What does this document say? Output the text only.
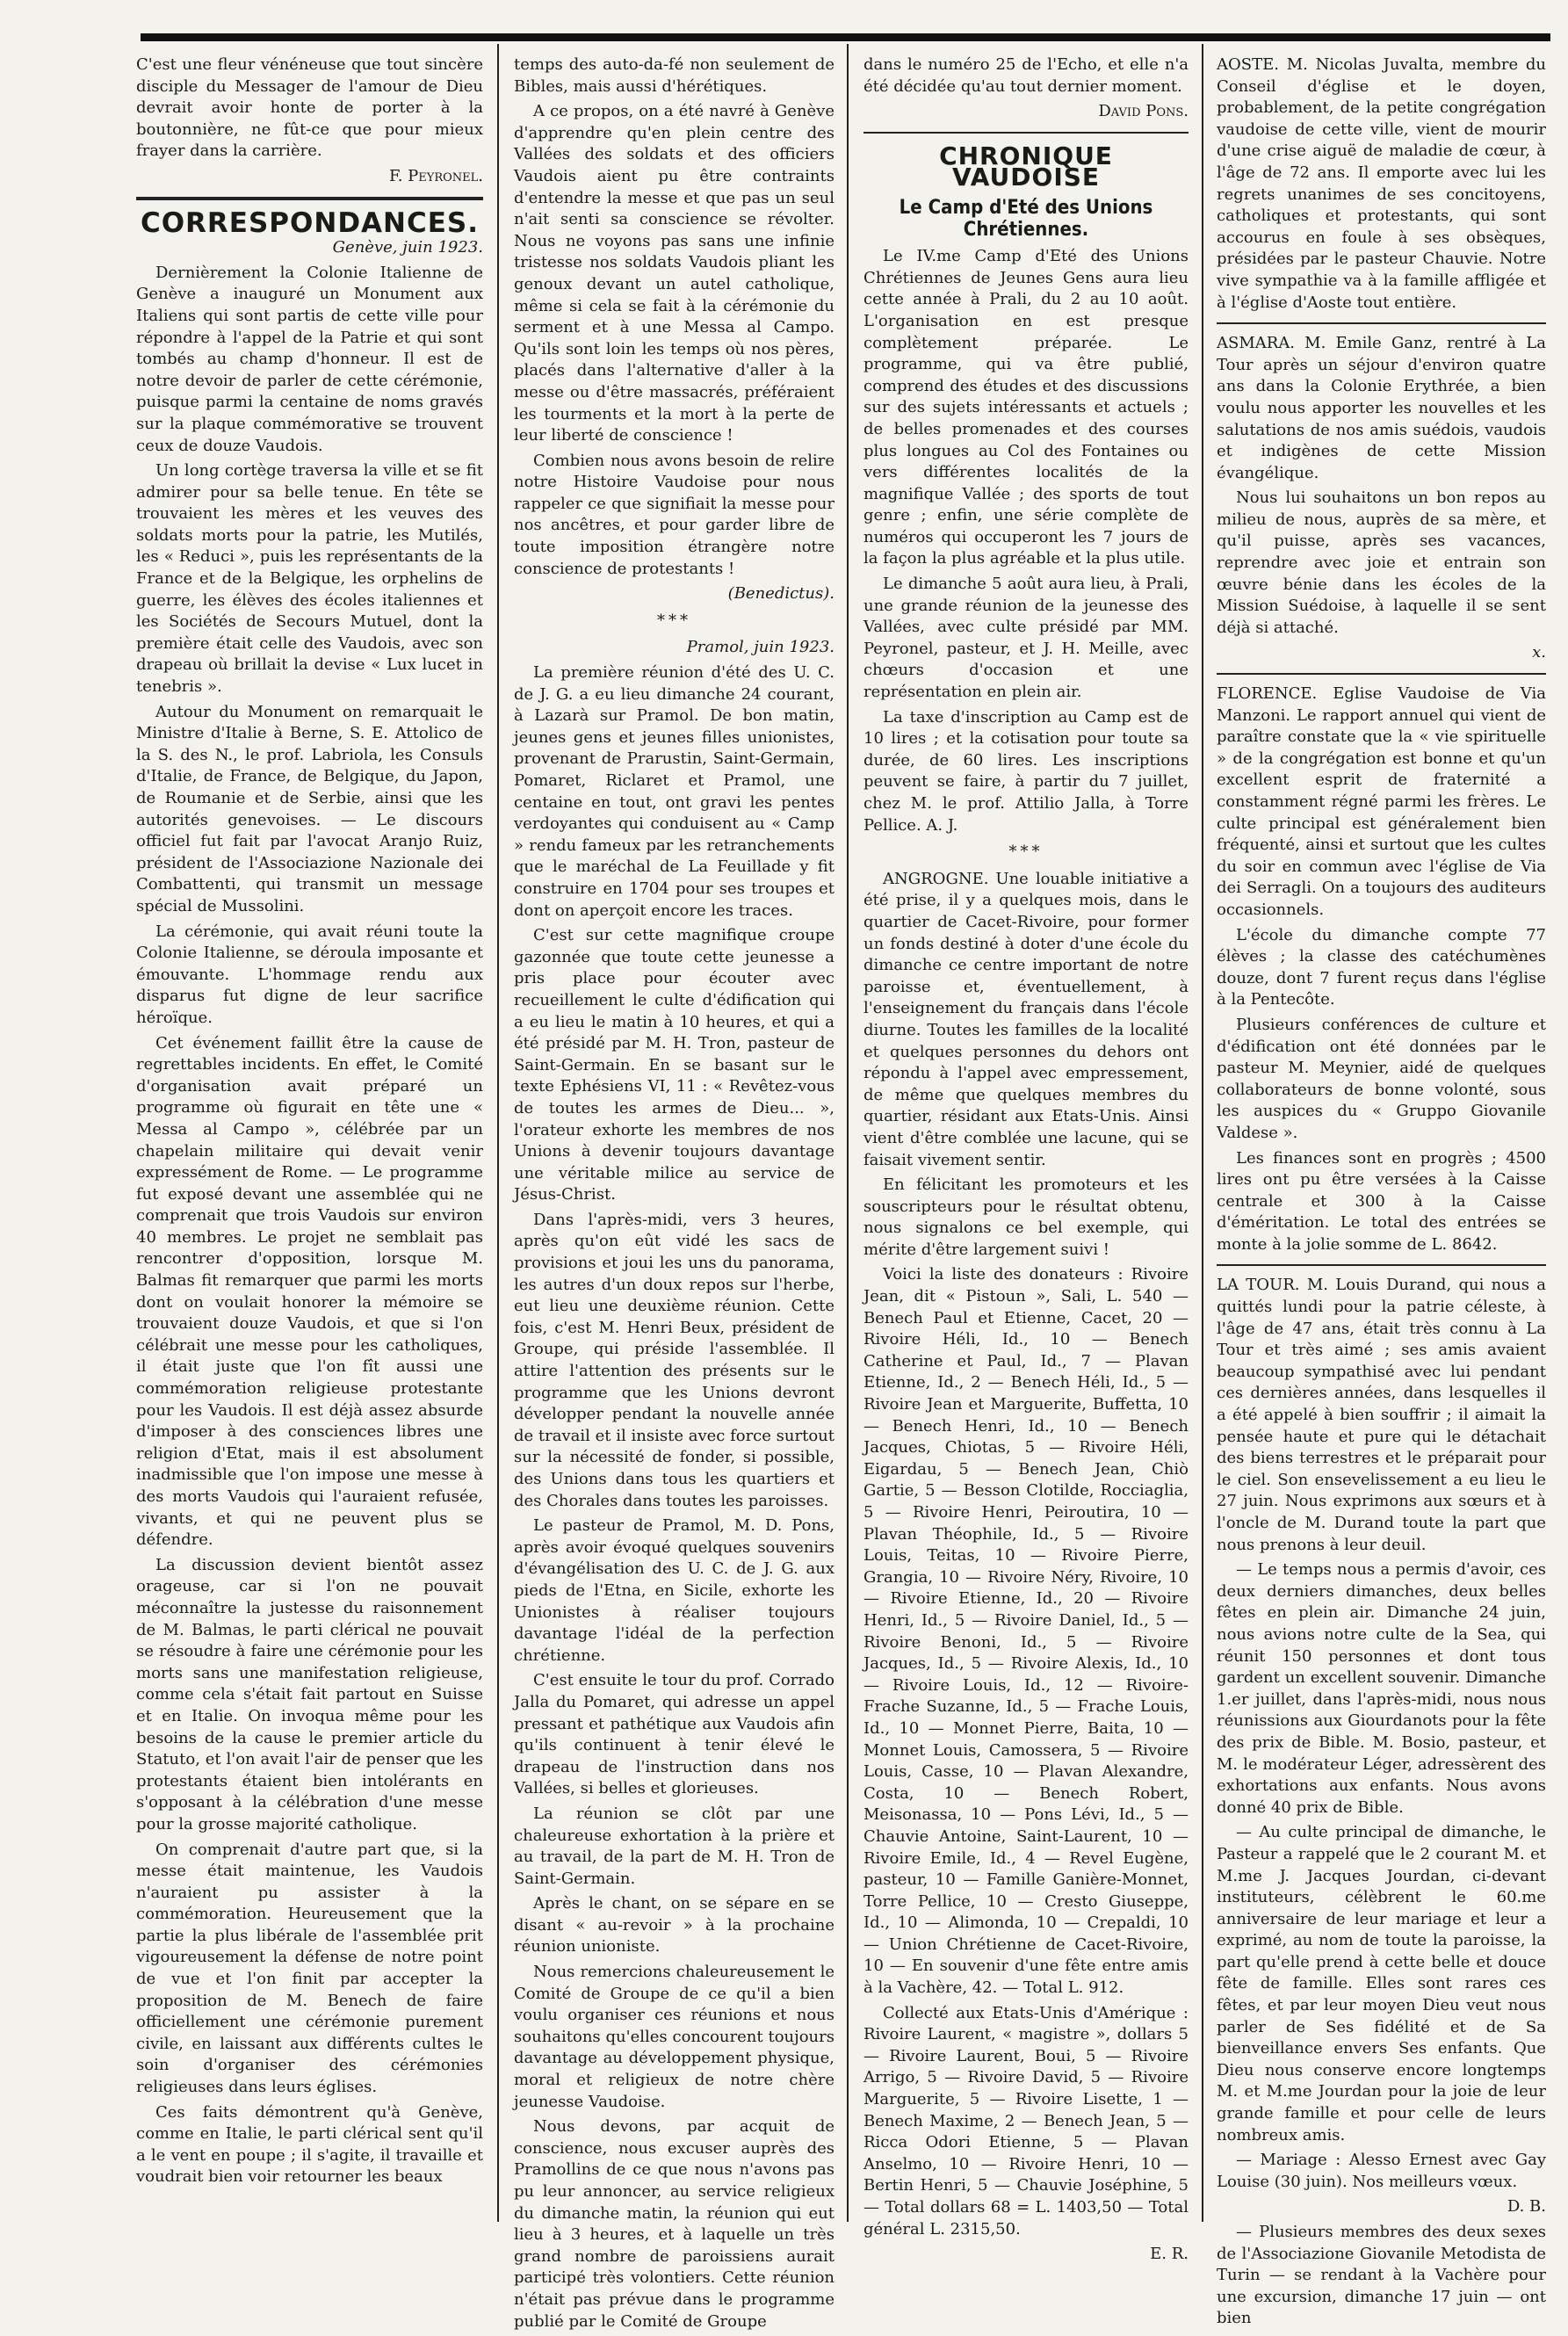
C'est une fleur vénéneuse que tout sincère disciple du Messager de l'amour de Dieu devrait avoir honte de porter à la boutonnière, ne fût-ce que pour mieux frayer dans la carrière.

F. Peyronel.

CORRESPONDANCES.

Genève, juin 1923.

Dernièrement la Colonie Italienne de Genève a inauguré un Monument aux Italiens qui sont partis de cette ville pour répondre à l'appel de la Patrie et qui sont tombés au champ d'honneur. Il est de notre devoir de parler de cette cérémonie, puisque parmi la centaine de noms gravés sur la plaque commémorative se trouvent ceux de douze Vaudois.

Un long cortège traversa la ville et se fit admirer pour sa belle tenue. En tête se trouvaient les mères et les veuves des soldats morts pour la patrie, les Mutilés, les « Reduci », puis les représentants de la France et de la Belgique, les orphelins de guerre, les élèves des écoles italiennes et les Sociétés de Secours Mutuel, dont la première était celle des Vaudois, avec son drapeau où brillait la devise « Lux lucet in tenebris ».

Autour du Monument on remarquait le Ministre d'Italie à Berne, S. E. Attolico de la S. des N., le prof. Labriola, les Consuls d'Italie, de France, de Belgique, du Japon, de Roumanie et de Serbie, ainsi que les autorités genevoises. — Le discours officiel fut fait par l'avocat Aranjo Ruiz, président de l'Associazione Nazionale dei Combattenti, qui transmit un message spécial de Mussolini.

La cérémonie, qui avait réuni toute la Colonie Italienne, se déroula imposante et émouvante. L'hommage rendu aux disparus fut digne de leur sacrifice héroïque.

Cet événement faillit être la cause de regrettables incidents. En effet, le Comité d'organisation avait préparé un programme où figurait en tête une « Messa al Campo », célébrée par un chapelain militaire qui devait venir expressément de Rome. — Le programme fut exposé devant une assemblée qui ne comprenait que trois Vaudois sur environ 40 membres. Le projet ne semblait pas rencontrer d'opposition, lorsque M. Balmas fit remarquer que parmi les morts dont on voulait honorer la mémoire se trouvaient douze Vaudois, et que si l'on célébrait une messe pour les catholiques, il était juste que l'on fît aussi une commémoration religieuse protestante pour les Vaudois. Il est déjà assez absurde d'imposer à des consciences libres une religion d'Etat, mais il est absolument inadmissible que l'on impose une messe à des morts Vaudois qui l'auraient refusée, vivants, et qui ne peuvent plus se défendre.

La discussion devient bientôt assez orageuse, car si l'on ne pouvait méconnaître la justesse du raisonnement de M. Balmas, le parti clérical ne pouvait se résoudre à faire une cérémonie pour les morts sans une manifestation religieuse, comme cela s'était fait partout en Suisse et en Italie. On invoqua même pour les besoins de la cause le premier article du Statuto, et l'on avait l'air de penser que les protestants étaient bien intolérants en s'opposant à la célébration d'une messe pour la grosse majorité catholique.

On comprenait d'autre part que, si la messe était maintenue, les Vaudois n'auraient pu assister à la commémoration. Heureusement que la partie la plus libérale de l'assemblée prit vigoureusement la défense de notre point de vue et l'on finit par accepter la proposition de M. Benech de faire officiellement une cérémonie purement civile, en laissant aux différents cultes le soin d'organiser des cérémonies religieuses dans leurs églises.

Ces faits démontrent qu'à Genève, comme en Italie, le parti clérical sent qu'il a le vent en poupe ; il s'agite, il travaille et voudrait bien voir retourner les beaux

temps des auto-da-fé non seulement de Bibles, mais aussi d'hérétiques.

A ce propos, on a été navré à Genève d'apprendre qu'en plein centre des Vallées des soldats et des officiers Vaudois aient pu être contraints d'entendre la messe et que pas un seul n'ait senti sa conscience se révolter. Nous ne voyons pas sans une infinie tristesse nos soldats Vaudois pliant les genoux devant un autel catholique, même si cela se fait à la cérémonie du serment et à une Messa al Campo. Qu'ils sont loin les temps où nos pères, placés dans l'alternative d'aller à la messe ou d'être massacrés, préféraient les tourments et la mort à la perte de leur liberté de conscience !

Combien nous avons besoin de relire notre Histoire Vaudoise pour nous rappeler ce que signifiait la messe pour nos ancêtres, et pour garder libre de toute imposition étrangère notre conscience de protestants !

(Benedictus).

***

Pramol, juin 1923.

La première réunion d'été des U. C. de J. G. a eu lieu dimanche 24 courant, à Lazarà sur Pramol. De bon matin, jeunes gens et jeunes filles unionistes, provenant de Prarustin, Saint-Germain, Pomaret, Riclaret et Pramol, une centaine en tout, ont gravi les pentes verdoyantes qui conduisent au « Camp » rendu fameux par les retranchements que le maréchal de La Feuillade y fit construire en 1704 pour ses troupes et dont on aperçoit encore les traces.

C'est sur cette magnifique croupe gazonnée que toute cette jeunesse a pris place pour écouter avec recueillement le culte d'édification qui a eu lieu le matin à 10 heures, et qui a été présidé par M. H. Tron, pasteur de Saint-Germain. En se basant sur le texte Ephésiens VI, 11 : « Revêtez-vous de toutes les armes de Dieu... », l'orateur exhorte les membres de nos Unions à devenir toujours davantage une véritable milice au service de Jésus-Christ.

Dans l'après-midi, vers 3 heures, après qu'on eût vidé les sacs de provisions et joui les uns du panorama, les autres d'un doux repos sur l'herbe, eut lieu une deuxième réunion. Cette fois, c'est M. Henri Beux, président de Groupe, qui préside l'assemblée. Il attire l'attention des présents sur le programme que les Unions devront développer pendant la nouvelle année de travail et il insiste avec force surtout sur la nécessité de fonder, si possible, des Unions dans tous les quartiers et des Chorales dans toutes les paroisses.

Le pasteur de Pramol, M. D. Pons, après avoir évoqué quelques souvenirs d'évangélisation des U. C. de J. G. aux pieds de l'Etna, en Sicile, exhorte les Unionistes à réaliser toujours davantage l'idéal de la perfection chrétienne.

C'est ensuite le tour du prof. Corrado Jalla du Pomaret, qui adresse un appel pressant et pathétique aux Vaudois afin qu'ils continuent à tenir élevé le drapeau de l'instruction dans nos Vallées, si belles et glorieuses.

La réunion se clôt par une chaleureuse exhortation à la prière et au travail, de la part de M. H. Tron de Saint-Germain.

Après le chant, on se sépare en se disant « au-revoir » à la prochaine réunion unioniste.

Nous remercions chaleureusement le Comité de Groupe de ce qu'il a bien voulu organiser ces réunions et nous souhaitons qu'elles concourent toujours davantage au développement physique, moral et religieux de notre chère jeunesse Vaudoise.

Nous devons, par acquit de conscience, nous excuser auprès des Pramollins de ce que nous n'avons pas pu leur annoncer, au service religieux du dimanche matin, la réunion qui eut lieu à 3 heures, et à laquelle un très grand nombre de paroissiens aurait participé très volontiers. Cette réunion n'était pas prévue dans le programme publié par le Comité de Groupe

dans le numéro 25 de l'Echo, et elle n'a été décidée qu'au tout dernier moment.

David Pons.

CHRONIQUE VAUDOISE
Le Camp d'Eté des Unions Chrétiennes.

Le IV.me Camp d'Eté des Unions Chrétiennes de Jeunes Gens aura lieu cette année à Prali, du 2 au 10 août. L'organisation en est presque complètement préparée. Le programme, qui va être publié, comprend des études et des discussions sur des sujets intéressants et actuels ; de belles promenades et des courses plus longues au Col des Fontaines ou vers différentes localités de la magnifique Vallée ; des sports de tout genre ; enfin, une série complète de numéros qui occuperont les 7 jours de la façon la plus agréable et la plus utile.

Le dimanche 5 août aura lieu, à Prali, une grande réunion de la jeunesse des Vallées, avec culte présidé par MM. Peyronel, pasteur, et J. H. Meille, avec chœurs d'occasion et une représentation en plein air.

La taxe d'inscription au Camp est de 10 lires ; et la cotisation pour toute sa durée, de 60 lires. Les inscriptions peuvent se faire, à partir du 7 juillet, chez M. le prof. Attilio Jalla, à Torre Pellice. A. J.

***

ANGROGNE. Une louable initiative a été prise, il y a quelques mois, dans le quartier de Cacet-Rivoire, pour former un fonds destiné à doter d'une école du dimanche ce centre important de notre paroisse et, éventuellement, à l'enseignement du français dans l'école diurne. Toutes les familles de la localité et quelques personnes du dehors ont répondu à l'appel avec empressement, de même que quelques membres du quartier, résidant aux Etats-Unis. Ainsi vient d'être comblée une lacune, qui se faisait vivement sentir.

En félicitant les promoteurs et les souscripteurs pour le résultat obtenu, nous signalons ce bel exemple, qui mérite d'être largement suivi !

Voici la liste des donateurs : Rivoire Jean, dit « Pistoun », Sali, L. 540 — Benech Paul et Etienne, Cacet, 20 — Rivoire Héli, Id., 10 — Benech Catherine et Paul, Id., 7 — Plavan Etienne, Id., 2 — Benech Héli, Id., 5 — Rivoire Jean et Marguerite, Buffetta, 10 — Benech Henri, Id., 10 — Benech Jacques, Chiotas, 5 — Rivoire Héli, Eigardau, 5 — Benech Jean, Chiò Gartie, 5 — Besson Clotilde, Rocciaglia, 5 — Rivoire Henri, Peiroutira, 10 — Plavan Théophile, Id., 5 — Rivoire Louis, Teitas, 10 — Rivoire Pierre, Grangia, 10 — Rivoire Néry, Rivoire, 10 — Rivoire Etienne, Id., 20 — Rivoire Henri, Id., 5 — Rivoire Daniel, Id., 5 — Rivoire Benoni, Id., 5 — Rivoire Jacques, Id., 5 — Rivoire Alexis, Id., 10 — Rivoire Louis, Id., 12 — Rivoire-Frache Suzanne, Id., 5 — Frache Louis, Id., 10 — Monnet Pierre, Baita, 10 — Monnet Louis, Camossera, 5 — Rivoire Louis, Casse, 10 — Plavan Alexandre, Costa, 10 — Benech Robert, Meisonassa, 10 — Pons Lévi, Id., 5 — Chauvie Antoine, Saint-Laurent, 10 — Rivoire Emile, Id., 4 — Revel Eugène, pasteur, 10 — Famille Ganière-Monnet, Torre Pellice, 10 — Cresto Giuseppe, Id., 10 — Alimonda, 10 — Crepaldi, 10 — Union Chrétienne de Cacet-Rivoire, 10 — En souvenir d'une fête entre amis à la Vachère, 42. — Total L. 912.

Collecté aux Etats-Unis d'Amérique : Rivoire Laurent, « magistre », dollars 5 — Rivoire Laurent, Boui, 5 — Rivoire Arrigo, 5 — Rivoire David, 5 — Rivoire Marguerite, 5 — Rivoire Lisette, 1 — Benech Maxime, 2 — Benech Jean, 5 — Ricca Odori Etienne, 5 — Plavan Anselmo, 10 — Rivoire Henri, 10 — Bertin Henri, 5 — Chauvie Joséphine, 5 — Total dollars 68 = L. 1403,50 — Total général L. 2315,50.

E. R.

AOSTE. M. Nicolas Juvalta, membre du Conseil d'église et le doyen, probablement, de la petite congrégation vaudoise de cette ville, vient de mourir d'une crise aiguë de maladie de cœur, à l'âge de 72 ans. Il emporte avec lui les regrets unanimes de ses concitoyens, catholiques et protestants, qui sont accourus en foule à ses obsèques, présidées par le pasteur Chauvie. Notre vive sympathie va à la famille affligée et à l'église d'Aoste tout entière.

ASMARA. M. Emile Ganz, rentré à La Tour après un séjour d'environ quatre ans dans la Colonie Erythrée, a bien voulu nous apporter les nouvelles et les salutations de nos amis suédois, vaudois et indigènes de cette Mission évangélique.

Nous lui souhaitons un bon repos au milieu de nous, auprès de sa mère, et qu'il puisse, après ses vacances, reprendre avec joie et entrain son œuvre bénie dans les écoles de la Mission Suédoise, à laquelle il se sent déjà si attaché.

x.

FLORENCE. Eglise Vaudoise de Via Manzoni. Le rapport annuel qui vient de paraître constate que la « vie spirituelle » de la congrégation est bonne et qu'un excellent esprit de fraternité a constamment régné parmi les frères. Le culte principal est généralement bien fréquenté, ainsi et surtout que les cultes du soir en commun avec l'église de Via dei Serragli. On a toujours des auditeurs occasionnels.

L'école du dimanche compte 77 élèves ; la classe des catéchumènes douze, dont 7 furent reçus dans l'église à la Pentecôte.

Plusieurs conférences de culture et d'édification ont été données par le pasteur M. Meynier, aidé de quelques collaborateurs de bonne volonté, sous les auspices du « Gruppo Giovanile Valdese ».

Les finances sont en progrès ; 4500 lires ont pu être versées à la Caisse centrale et 300 à la Caisse d'éméritation. Le total des entrées se monte à la jolie somme de L. 8642.

LA TOUR. M. Louis Durand, qui nous a quittés lundi pour la patrie céleste, à l'âge de 47 ans, était très connu à La Tour et très aimé ; ses amis avaient beaucoup sympathisé avec lui pendant ces dernières années, dans lesquelles il a été appelé à bien souffrir ; il aimait la pensée haute et pure qui le détachait des biens terrestres et le préparait pour le ciel. Son ensevelissement a eu lieu le 27 juin. Nous exprimons aux sœurs et à l'oncle de M. Durand toute la part que nous prenons à leur deuil.

— Le temps nous a permis d'avoir, ces deux derniers dimanches, deux belles fêtes en plein air. Dimanche 24 juin, nous avions notre culte de la Sea, qui réunit 150 personnes et dont tous gardent un excellent souvenir. Dimanche 1.er juillet, dans l'après-midi, nous nous réunissions aux Giourdanots pour la fête des prix de Bible. M. Bosio, pasteur, et M. le modérateur Léger, adressèrent des exhortations aux enfants. Nous avons donné 40 prix de Bible.

— Au culte principal de dimanche, le Pasteur a rappelé que le 2 courant M. et M.me J. Jacques Jourdan, ci-devant instituteurs, célèbrent le 60.me anniversaire de leur mariage et leur a exprimé, au nom de toute la paroisse, la part qu'elle prend à cette belle et douce fête de famille. Elles sont rares ces fêtes, et par leur moyen Dieu veut nous parler de Ses fidélité et de Sa bienveillance envers Ses enfants. Que Dieu nous conserve encore longtemps M. et M.me Jourdan pour la joie de leur grande famille et pour celle de leurs nombreux amis.

— Mariage : Alesso Ernest avec Gay Louise (30 juin). Nos meilleurs vœux.

D. B.

— Plusieurs membres des deux sexes de l'Associazione Giovanile Metodista de Turin — se rendant à la Vachère pour une excursion, dimanche 17 juin — ont bien
